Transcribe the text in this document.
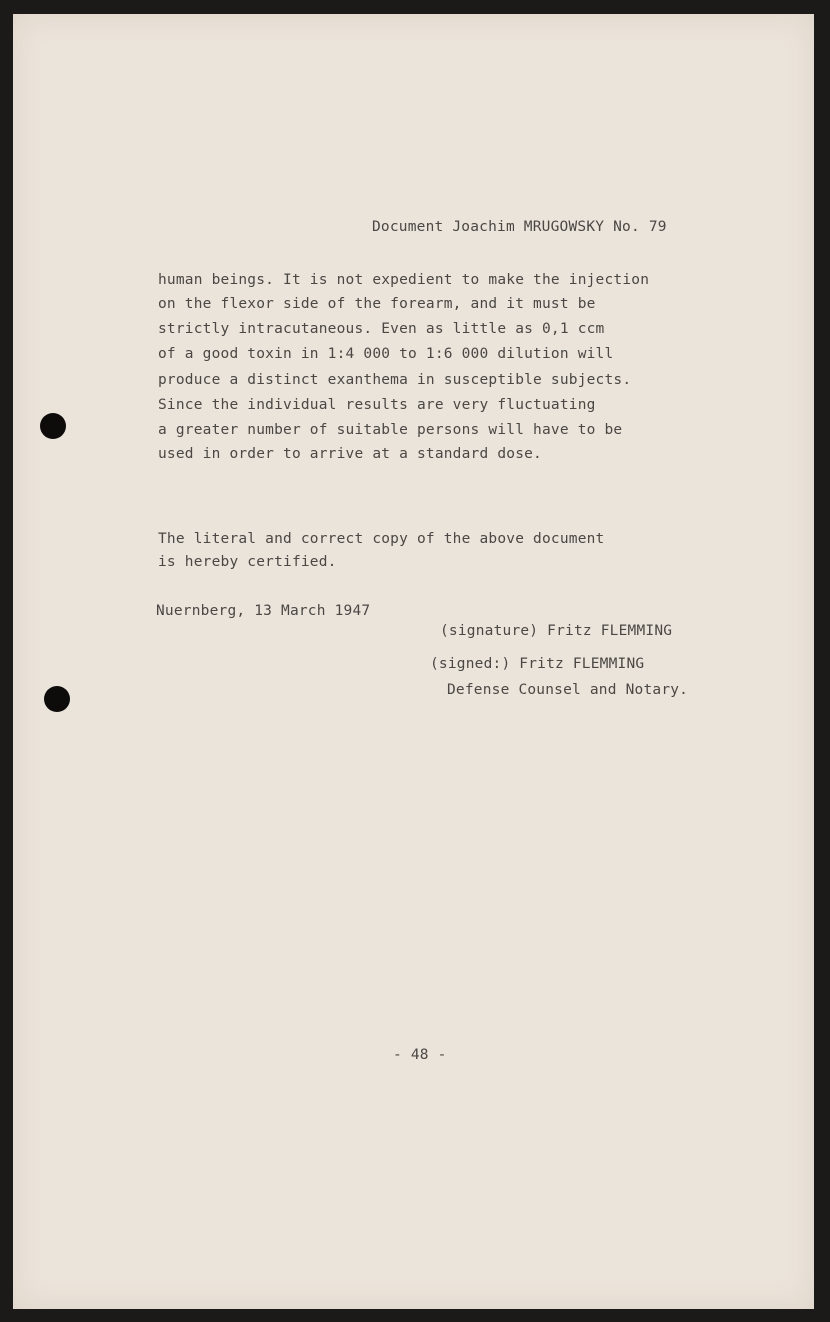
Document Joachim MRUGOWSKY No. 79
human beings. It is not expedient to make the injection
on the flexor side of the forearm, and it must be
strictly intracutaneous. Even as little as 0,1 ccm
of a good toxin in 1:4 000 to 1:6 000 dilution will
produce a distinct exanthema in susceptible subjects.
Since the individual results are very fluctuating
a greater number of suitable persons will have to be
used in order to arrive at a standard dose.
The literal and correct copy of the above document
is hereby certified.
Nuernberg, 13 March 1947
(signature) Fritz FLEMMING
(signed:) Fritz FLEMMING
Defense Counsel and Notary.
- 48 -
